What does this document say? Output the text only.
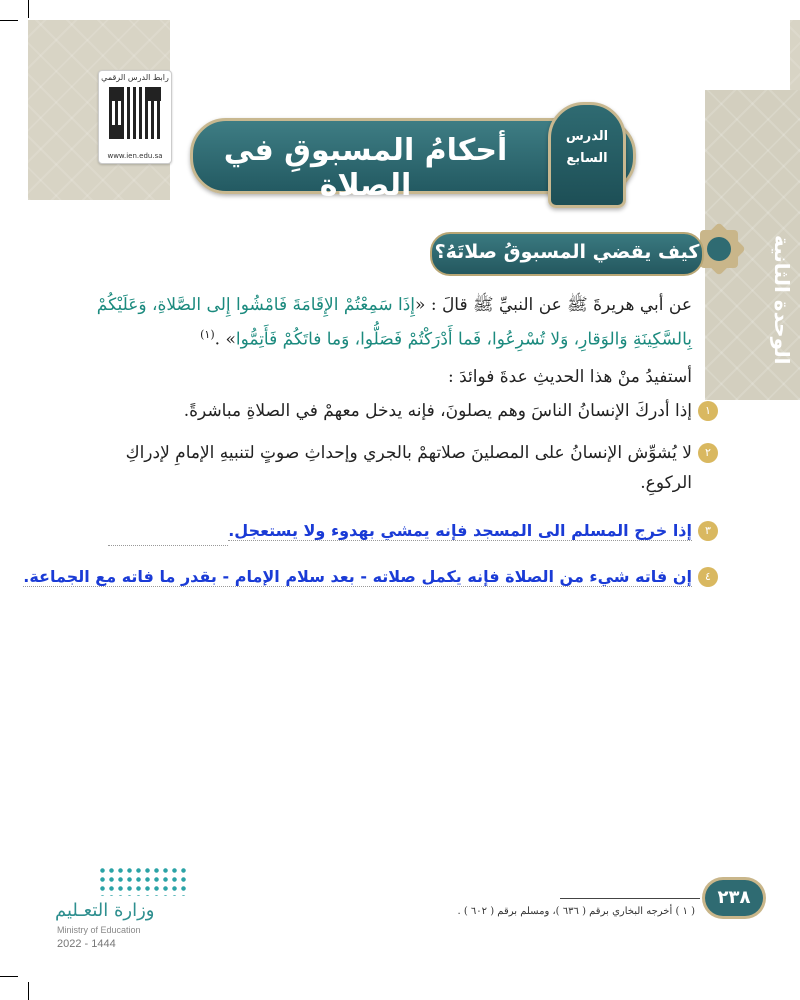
الوحدة الثانية
رابط الدرس الرقمي
www.ien.edu.sa	أحكامُ المسبوقِ في الصلاة
الدرس
السابع
كيف يقضي المسبوقُ صلاتَهُ؟
عن أبي هريرةَ ﷺ عن النبيِّ ﷺ قالَ : «إِذَا سَمِعْتُمْ الإِقَامَةَ فَامْشُوا إِلى الصَّلاةِ، وَعَلَيْكُمْ
بِالسَّكِينَةِ وَالوَقارِ، وَلا تُسْرِعُوا، فَما أَدْرَكْتُمْ فَصَلُّوا، وَما فاتَكُمْ فَأَتِمُّوا» .$^{(١)}$
أستفيدُ منْ هذا الحديثِ عدةَ فوائدَ :
١
إذا أدركَ الإنسانُ الناسَ وهم يصلونَ، فإنه يدخل معهمْ في الصلاةِ مباشرةً.
٢
لا يُشوِّش الإنسانُ على المصلينَ صلاتهمْ بالجري وإحداثِ صوتٍ لتنبيهِ الإمامِ لإدراكِ الركوعِ.
٣
إذا خرج المسلم الى المسجد فإنه يمشي بهدوء ولا يستعجل.
٤
إن فاته شيء من الصلاة فإنه يكمل صلاته - بعد سلام الإمام - بقدر ما فاته مع الجماعة.
٢٣٨
( ١ ) أخرجه البخاري برقم ( ٦٣٦ )، ومسلم برقم ( ٦٠٢ ) .
وزارة التعـليم
Ministry of Education
2022 - 1444
